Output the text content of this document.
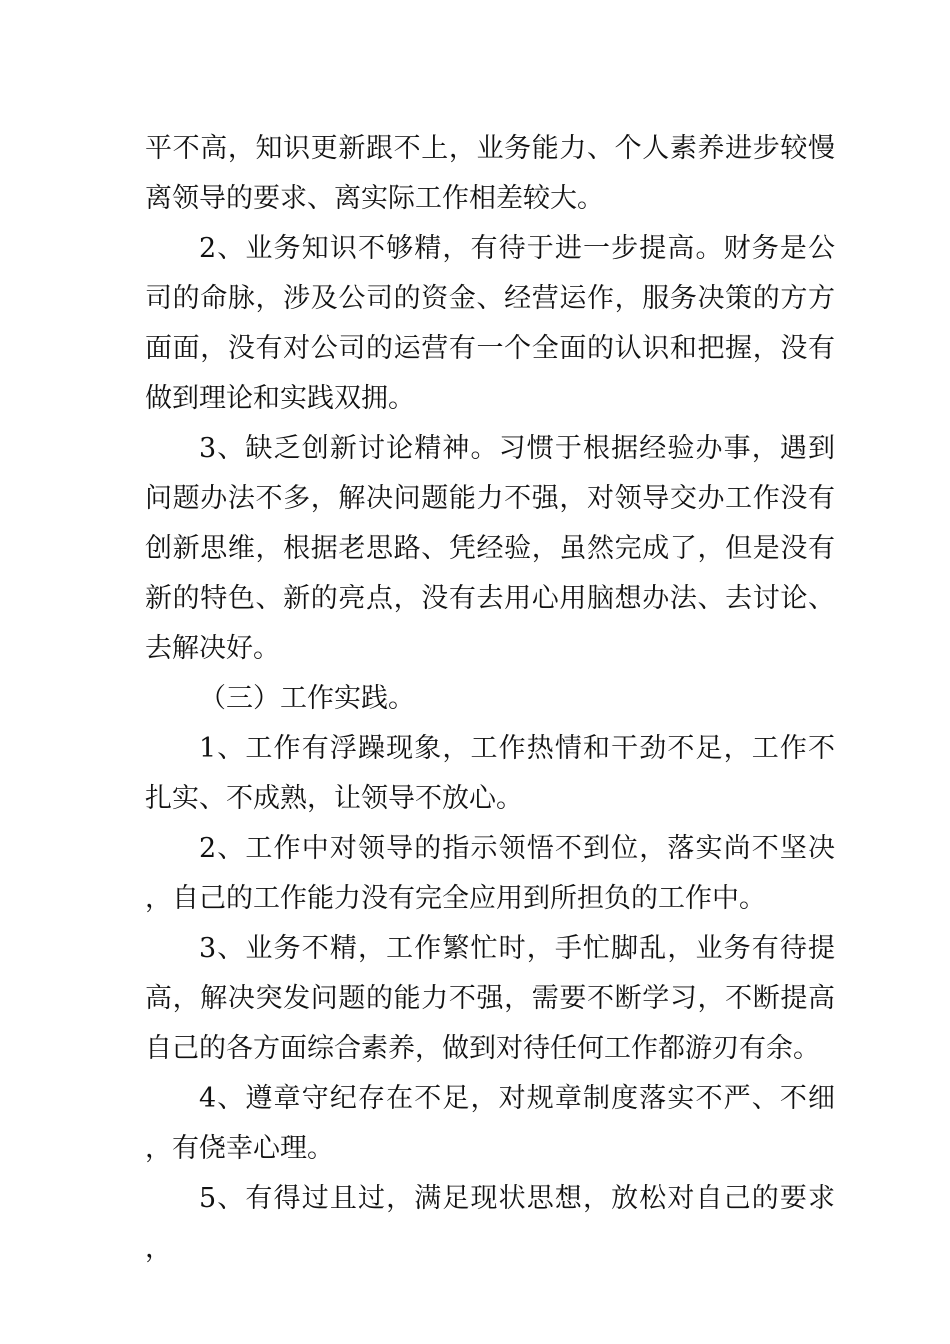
平不高，知识更新跟不上，业务能力、个人素养进步较慢离领导的要求、离实际工作相差较大。

2、业务知识不够精，有待于进一步提高。财务是公司的命脉，涉及公司的资金、经营运作，服务决策的方方面面，没有对公司的运营有一个全面的认识和把握，没有做到理论和实践双拥。

3、缺乏创新讨论精神。习惯于根据经验办事，遇到问题办法不多，解决问题能力不强，对领导交办工作没有创新思维，根据老思路、凭经验，虽然完成了，但是没有新的特色、新的亮点，没有去用心用脑想办法、去讨论、去解决好。

（三）工作实践。

1、工作有浮躁现象，工作热情和干劲不足，工作不扎实、不成熟，让领导不放心。

2、工作中对领导的指示领悟不到位，落实尚不坚决，自己的工作能力没有完全应用到所担负的工作中。

3、业务不精，工作繁忙时，手忙脚乱，业务有待提高，解决突发问题的能力不强，需要不断学习，不断提高自己的各方面综合素养，做到对待任何工作都游刃有余。

4、遵章守纪存在不足，对规章制度落实不严、不细，有侥幸心理。

5、有得过且过，满足现状思想，放松对自己的要求，
